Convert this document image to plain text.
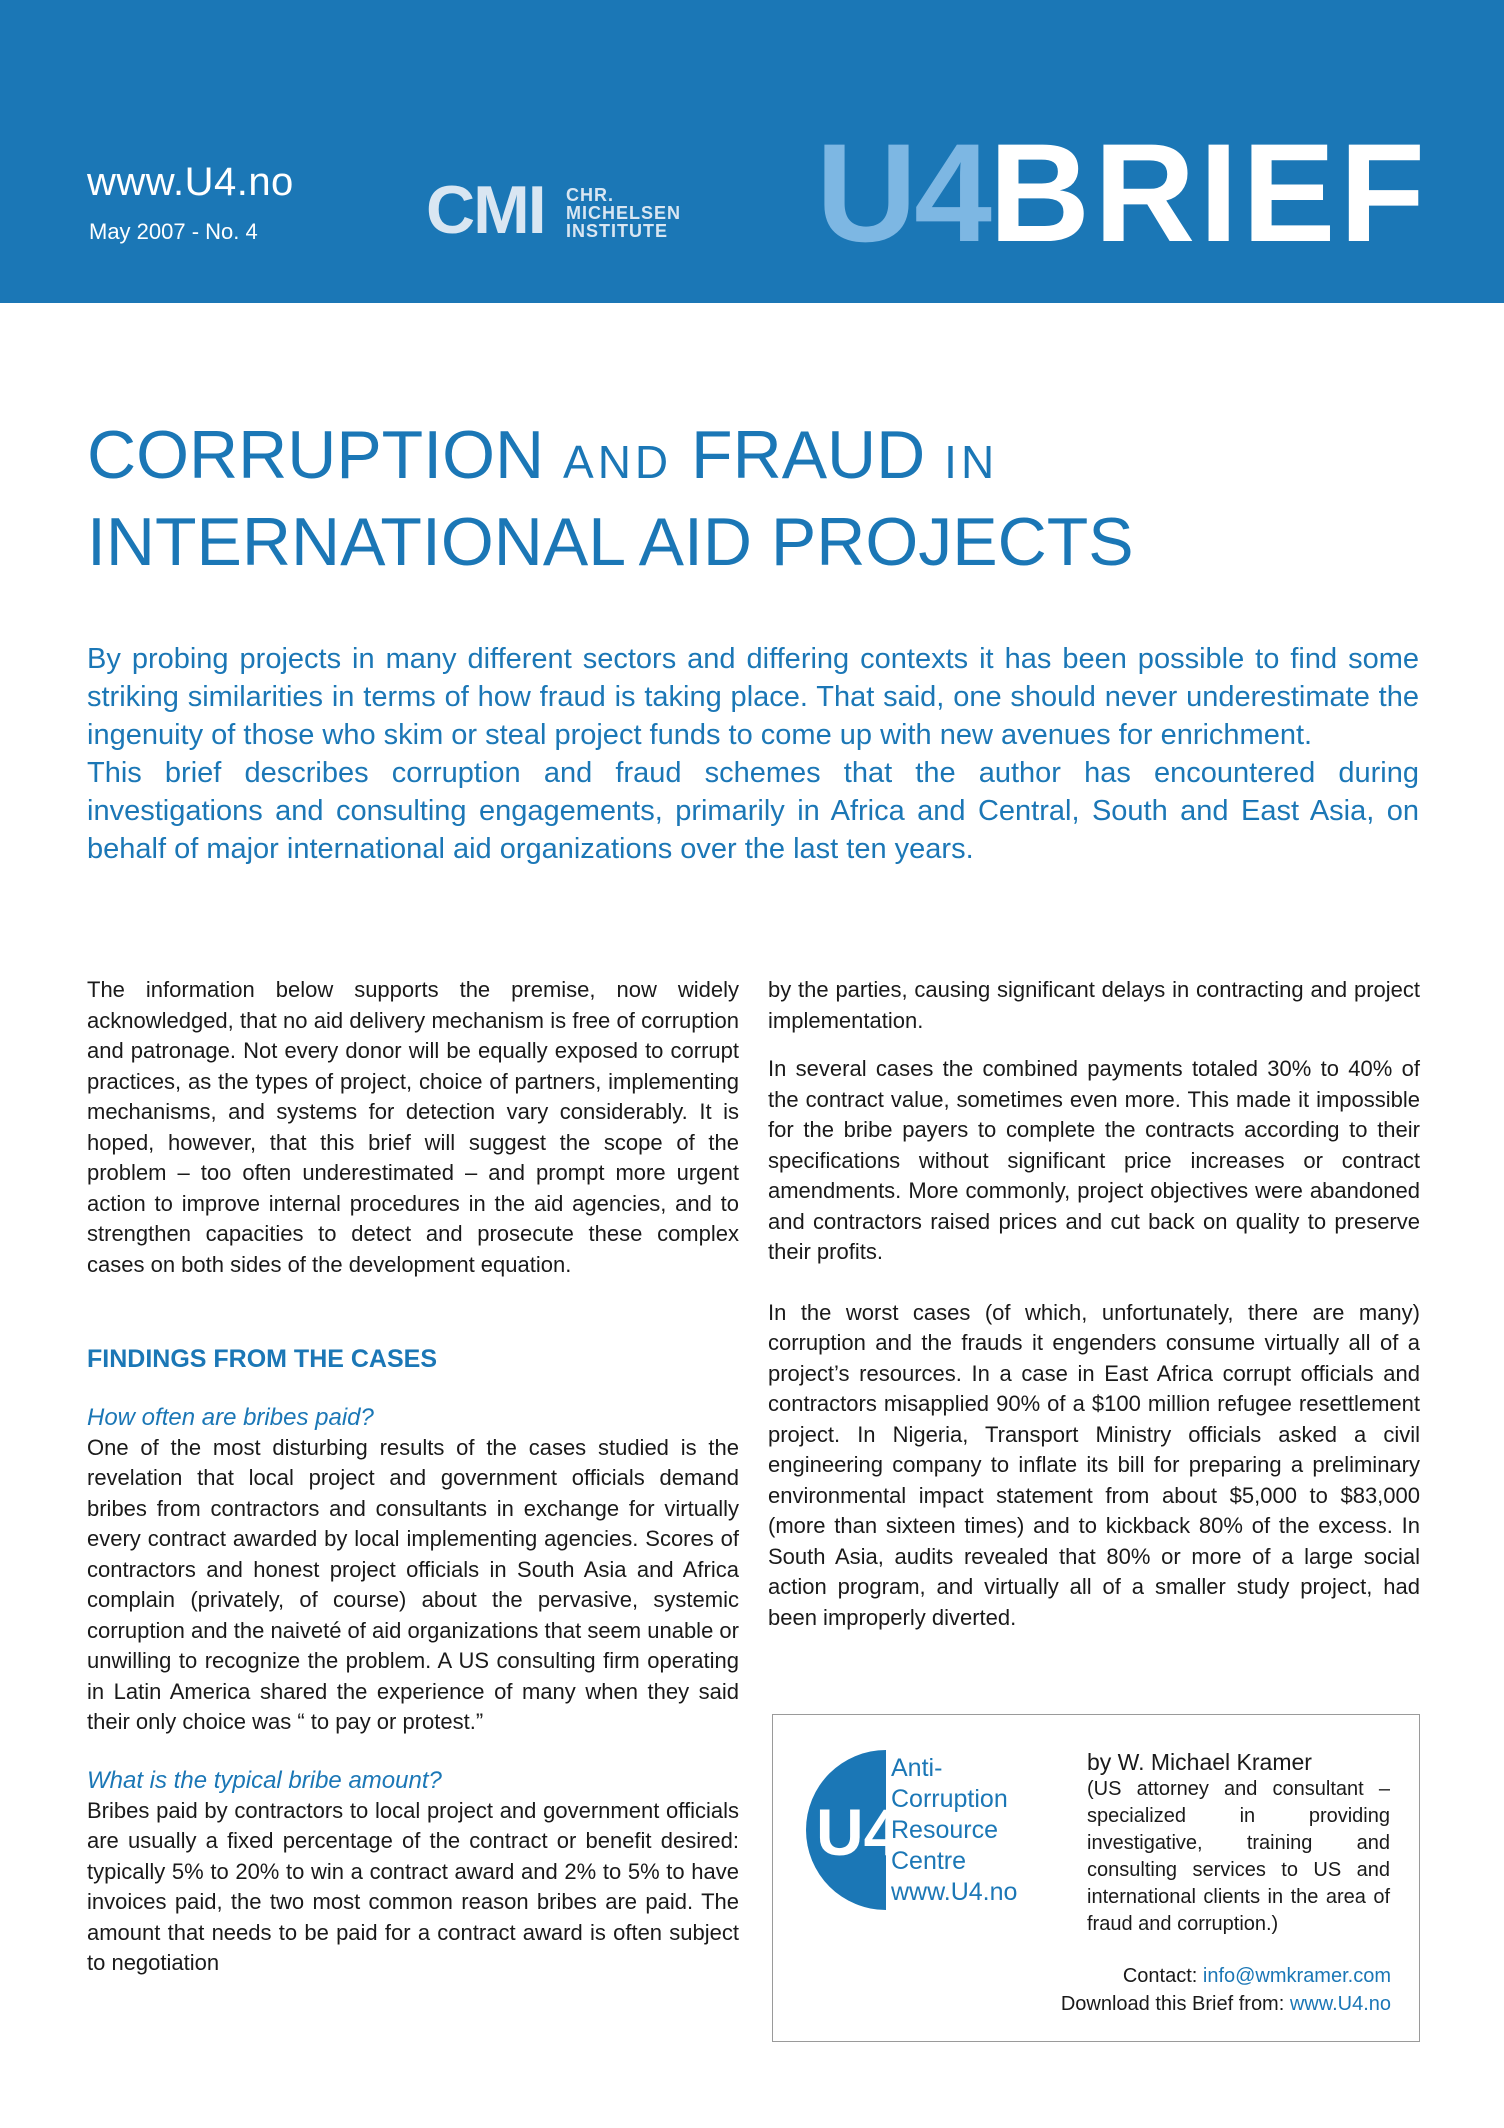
www.U4.no
May 2007 - No. 4 CMI CHR.
MICHELSEN
INSTITUTE U4BRIEF
CORRUPTION AND FRAUD IN
INTERNATIONAL AID PROJECTS

By probing projects in many different sectors and differing contexts it has been possible to find some striking similarities in terms of how fraud is taking place. That said, one should never underestimate the ingenuity of those who skim or steal project funds to come up with new avenues for enrichment.

This brief describes corruption and fraud schemes that the author has encountered during investigations and consulting engagements, primarily in Africa and Central, South and East Asia, on behalf of major international aid organizations over the last ten years.

The information below supports the premise, now widely acknowledged, that no aid delivery mechanism is free of corruption and patronage. Not every donor will be equally exposed to corrupt practices, as the types of project, choice of partners, implementing mechanisms, and systems for detection vary considerably. It is hoped, however, that this brief will suggest the scope of the problem – too often underestimated – and prompt more urgent action to improve internal procedures in the aid agencies, and to strengthen capacities to detect and prosecute these complex cases on both sides of the development equation.

FINDINGS FROM THE CASES
How often are bribes paid?

One of the most disturbing results of the cases studied is the revelation that local project and government officials demand bribes from contractors and consultants in exchange for virtually every contract awarded by local implementing agencies. Scores of contractors and honest project officials in South Asia and Africa complain (privately, of course) about the pervasive, systemic corruption and the naiveté of aid organizations that seem unable or unwilling to recognize the problem. A US consulting firm operating in Latin America shared the experience of many when they said their only choice was “ to pay or protest.”

What is the typical bribe amount?

Bribes paid by contractors to local project and government officials are usually a fixed percentage of the contract or benefit desired: typically 5% to 20% to win a contract award and 2% to 5% to have invoices paid, the two most common reason bribes are paid. The amount that needs to be paid for a contract award is often subject to negotiation

by the parties, causing significant delays in contracting and project implementation.

In several cases the combined payments totaled 30% to 40% of the contract value, sometimes even more. This made it impossible for the bribe payers to complete the contracts according to their specifications without significant price increases or contract amendments. More commonly, project objectives were abandoned and contractors raised prices and cut back on quality to preserve their profits.

In the worst cases (of which, unfortunately, there are many) corruption and the frauds it engenders consume virtually all of a project’s resources. In a case in East Africa corrupt officials and contractors misapplied 90% of a $100 million refugee resettlement project. In Nigeria, Transport Ministry officials asked a civil engineering company to inflate its bill for preparing a preliminary environmental impact statement from about $5,000 to $83,000 (more than sixteen times) and to kickback 80% of the excess. In South Asia, audits revealed that 80% or more of a large social action program, and virtually all of a smaller study project, had been improperly diverted.

U4
Anti-
Corruption
Resource
Centre
www.U4.no
by W. Michael Kramer
(US attorney and consultant – specialized in providing investigative, training and consulting services to US and international clients in the area of fraud and corruption.)
Contact: info@wmkramer.com
Download this Brief from: www.U4.no
